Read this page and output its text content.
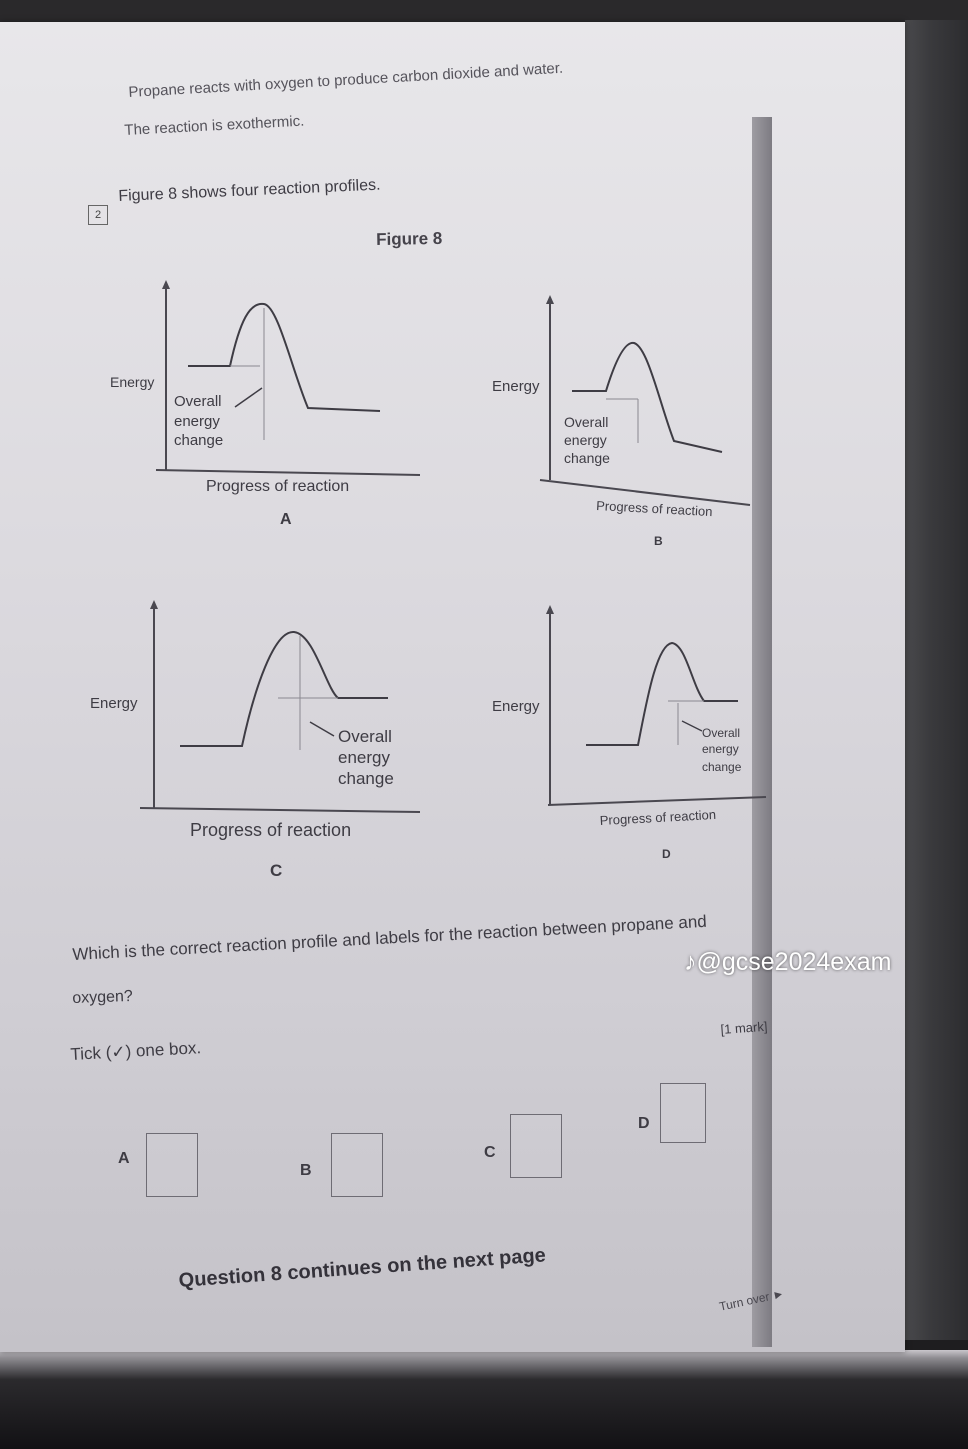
Propane reacts with oxygen to produce carbon dioxide and water.
The reaction is exothermic.
2
Figure 8 shows four reaction profiles.
Figure 8
Energy
Overall
energy
change
Progress of reaction
A
Energy
Overall
energy
change
Progress of reaction
B
Energy
Overall
energy
change
Progress of reaction
C
Energy
Overall
energy
change
Progress of reaction
D
Which is the correct reaction profile and labels for the reaction between propane and
oxygen?
[1 mark]
Tick (✓) one box.
A
B
C
D
Question 8 continues on the next page
Turn over ►
♪@gcse2024exam
